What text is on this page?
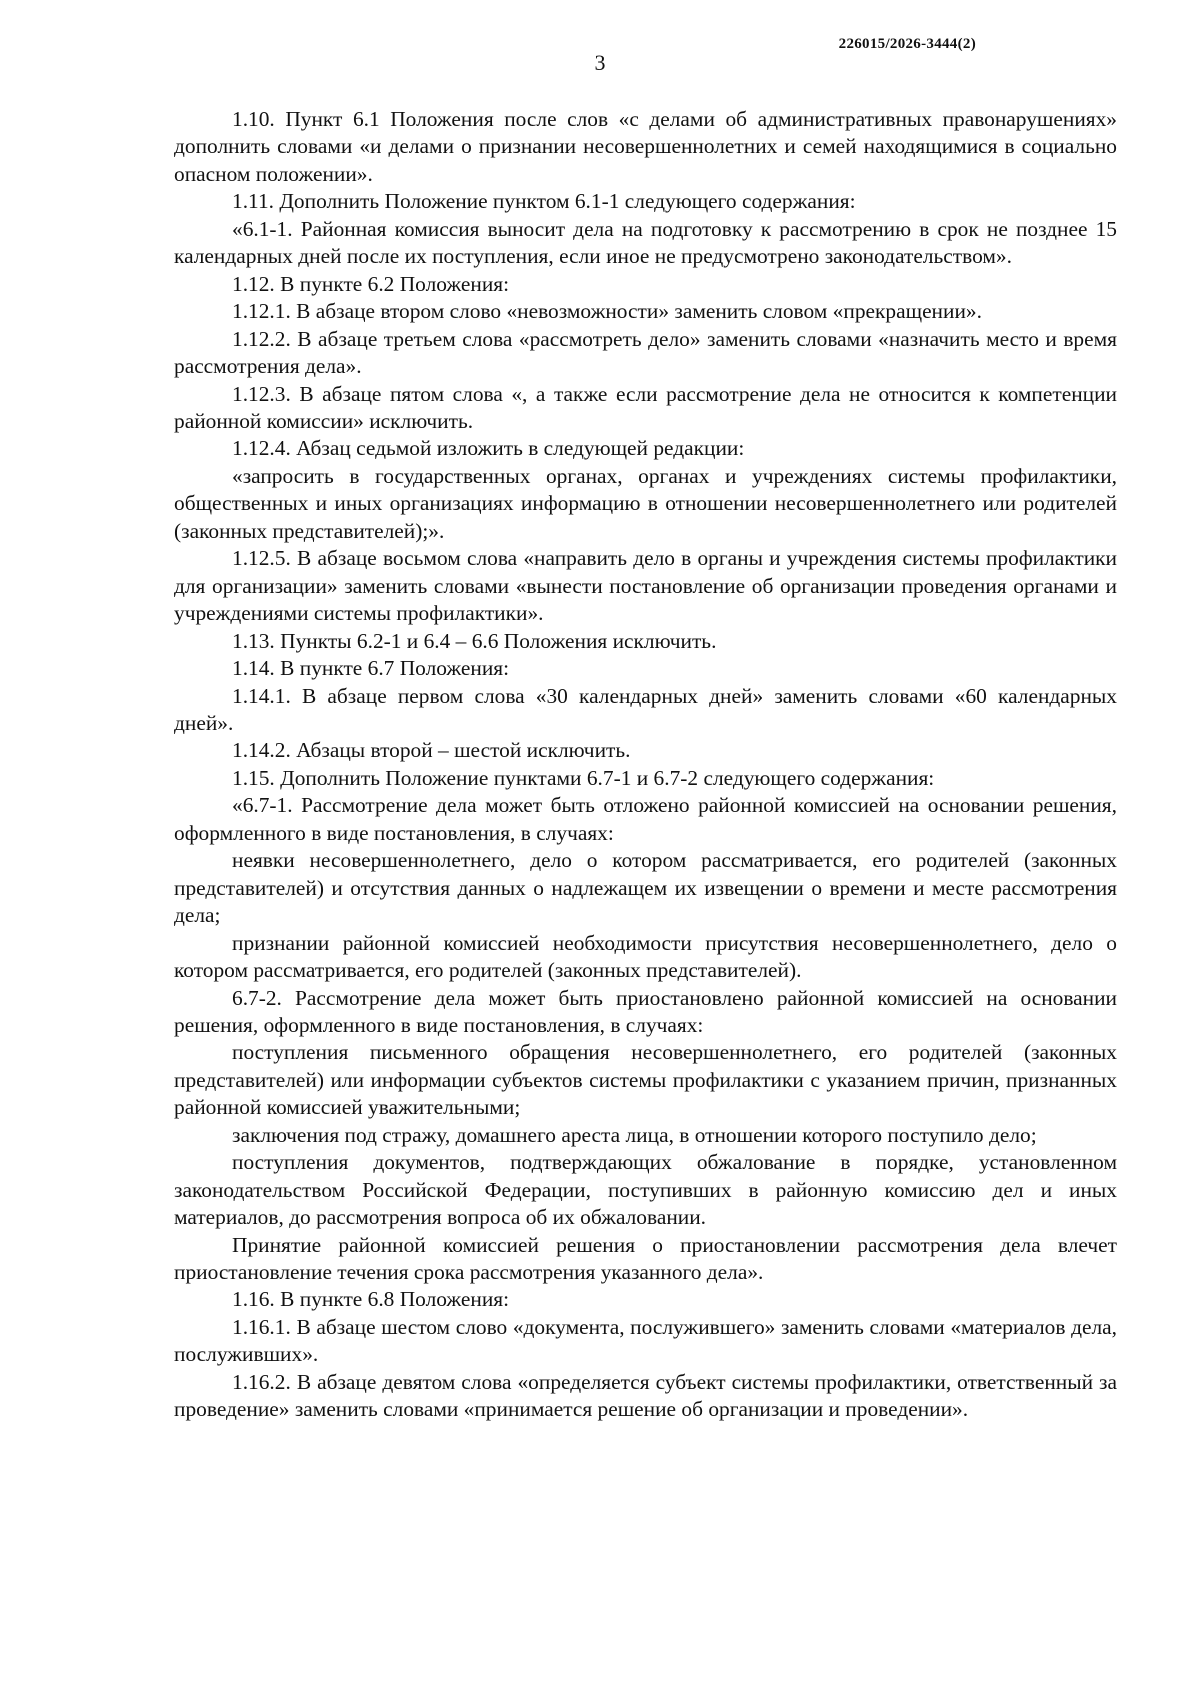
226015/2026-3444(2)
3

1.10. Пункт 6.1 Положения после слов «с делами об административных правонарушениях» дополнить словами «и делами о признании несовершеннолетних и семей находящимися в социально опасном положении».

1.11. Дополнить Положение пунктом 6.1-1 следующего содержания:

«6.1-1. Районная комиссия выносит дела на подготовку к рассмотрению в срок не позднее 15 календарных дней после их поступления, если иное не предусмотрено законодательством».

1.12. В пункте 6.2 Положения:

1.12.1. В абзаце втором слово «невозможности» заменить словом «прекращении».

1.12.2. В абзаце третьем слова «рассмотреть дело» заменить словами «назначить место и время рассмотрения дела».

1.12.3. В абзаце пятом слова «, а также если рассмотрение дела не относится к компетенции районной комиссии» исключить.

1.12.4. Абзац седьмой изложить в следующей редакции:

«запросить в государственных органах, органах и учреждениях системы профилактики, общественных и иных организациях информацию в отношении несовершеннолетнего или родителей (законных представителей);».

1.12.5. В абзаце восьмом слова «направить дело в органы и учреждения системы профилактики для организации» заменить словами «вынести постановление об организации проведения органами и учреждениями системы профилактики».

1.13. Пункты 6.2-1 и 6.4 – 6.6 Положения исключить.

1.14. В пункте 6.7 Положения:

1.14.1. В абзаце первом слова «30 календарных дней» заменить словами «60 календарных дней».

1.14.2. Абзацы второй – шестой исключить.

1.15. Дополнить Положение пунктами 6.7-1 и 6.7-2 следующего содержания:

«6.7-1. Рассмотрение дела может быть отложено районной комиссией на основании решения, оформленного в виде постановления, в случаях:

неявки несовершеннолетнего, дело о котором рассматривается, его родителей (законных представителей) и отсутствия данных о надлежащем их извещении о времени и месте рассмотрения дела;

признании районной комиссией необходимости присутствия несовершеннолетнего, дело о котором рассматривается, его родителей (законных представителей).

6.7-2. Рассмотрение дела может быть приостановлено районной комиссией на основании решения, оформленного в виде постановления, в случаях:

поступления письменного обращения несовершеннолетнего, его родителей (законных представителей) или информации субъектов системы профилактики с указанием причин, признанных районной комиссией уважительными;

заключения под стражу, домашнего ареста лица, в отношении которого поступило дело;

поступления документов, подтверждающих обжалование в порядке, установленном законодательством Российской Федерации, поступивших в районную комиссию дел и иных материалов, до рассмотрения вопроса об их обжаловании.

Принятие районной комиссией решения о приостановлении рассмотрения дела влечет приостановление течения срока рассмотрения указанного дела».

1.16. В пункте 6.8 Положения:

1.16.1. В абзаце шестом слово «документа, послужившего» заменить словами «материалов дела, послуживших».

1.16.2. В абзаце девятом слова «определяется субъект системы профилактики, ответственный за проведение» заменить словами «принимается решение об организации и проведении».
